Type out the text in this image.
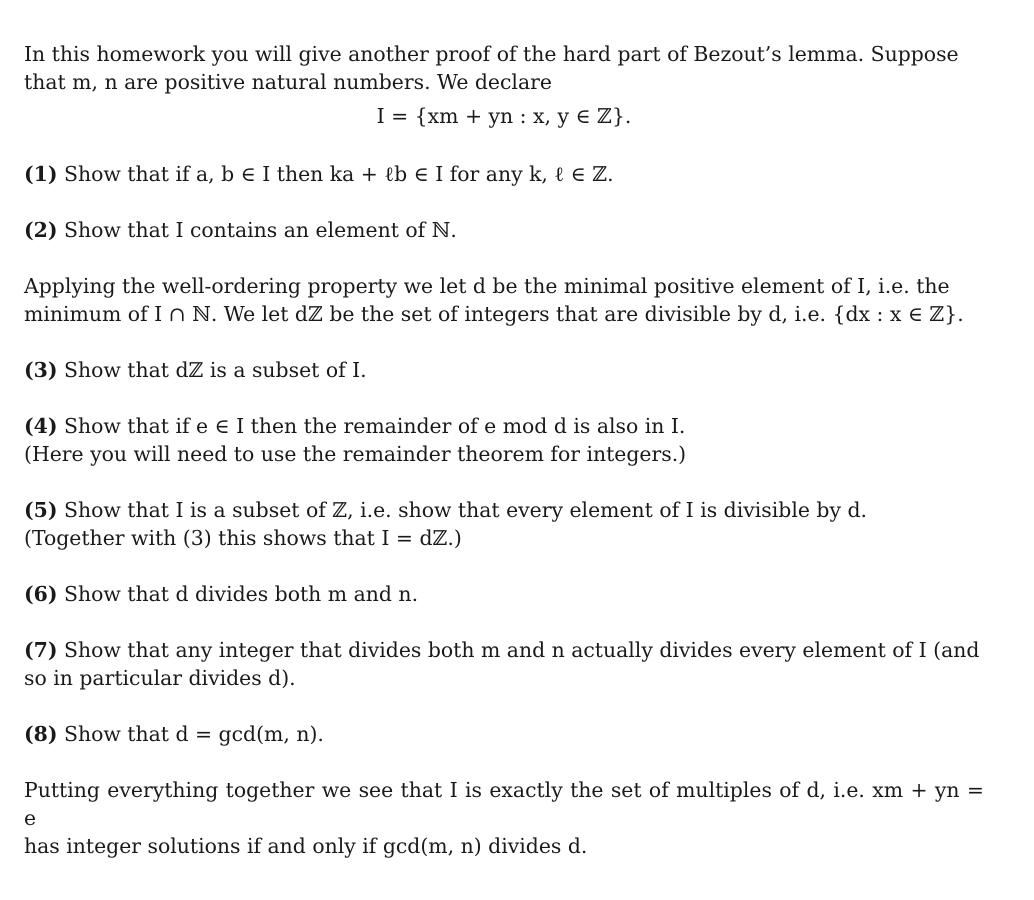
In this homework you will give another proof of the hard part of Bezout’s lemma. Suppose
that m, n are positive natural numbers. We declare

I = {xm + yn : x, y ∈ ℤ}.

(1) Show that if a, b ∈ I then ka + ℓb ∈ I for any k, ℓ ∈ ℤ.

(2) Show that I contains an element of ℕ.

Applying the well-ordering property we let d be the minimal positive element of I, i.e. the
minimum of I ∩ ℕ. We let dℤ be the set of integers that are divisible by d, i.e. {dx : x ∈ ℤ}.

(3) Show that dℤ is a subset of I.

(4) Show that if e ∈ I then the remainder of e mod d is also in I.
(Here you will need to use the remainder theorem for integers.)

(5) Show that I is a subset of ℤ, i.e. show that every element of I is divisible by d.
(Together with (3) this shows that I = dℤ.)

(6) Show that d divides both m and n.

(7) Show that any integer that divides both m and n actually divides every element of I (and
so in particular divides d).

(8) Show that d = gcd(m, n).

Putting everything together we see that I is exactly the set of multiples of d, i.e. xm + yn = e
has integer solutions if and only if gcd(m, n) divides d.
